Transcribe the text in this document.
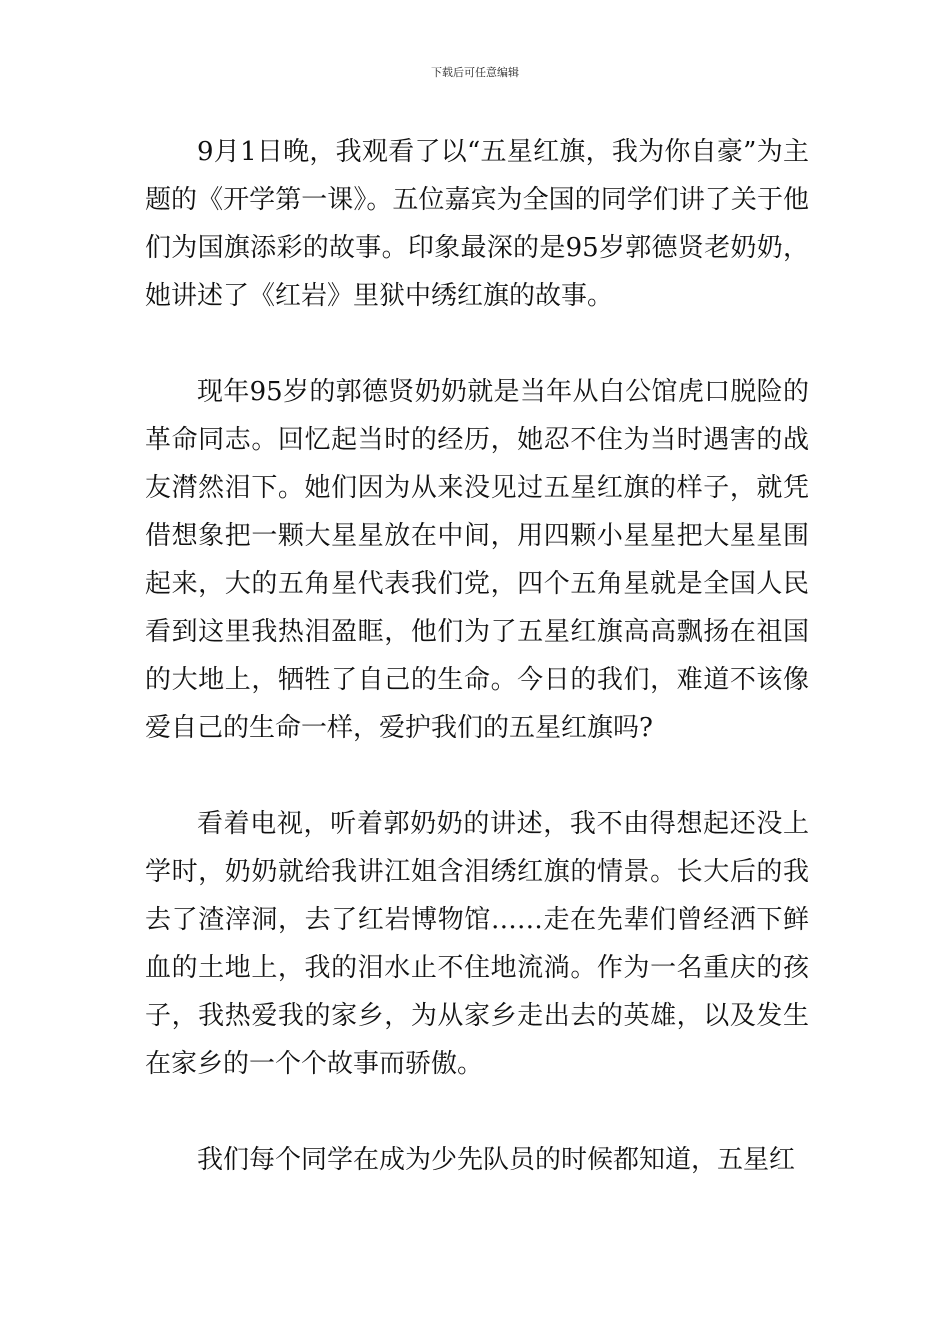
下载后可任意编辑

9月1日晚，我观看了以“五星红旗，我为你自豪”为主题的《开学第一课》。五位嘉宾为全国的同学们讲了关于他们为国旗添彩的故事。印象最深的是95岁郭德贤老奶奶，她讲述了《红岩》里狱中绣红旗的故事。

现年95岁的郭德贤奶奶就是当年从白公馆虎口脱险的革命同志。回忆起当时的经历，她忍不住为当时遇害的战友潸然泪下。她们因为从来没见过五星红旗的样子，就凭借想象把一颗大星星放在中间，用四颗小星星把大星星围起来，大的五角星代表我们党，四个五角星就是全国人民看到这里我热泪盈眶，他们为了五星红旗高高飘扬在祖国的大地上，牺牲了自己的生命。今日的我们，难道不该像爱自己的生命一样，爱护我们的五星红旗吗?

看着电视，听着郭奶奶的讲述，我不由得想起还没上学时，奶奶就给我讲江姐含泪绣红旗的情景。长大后的我去了渣滓洞，去了红岩博物馆……走在先辈们曾经洒下鲜血的土地上，我的泪水止不住地流淌。作为一名重庆的孩子，我热爱我的家乡，为从家乡走出去的英雄，以及发生在家乡的一个个故事而骄傲。

我们每个同学在成为少先队员的时候都知道，五星红
